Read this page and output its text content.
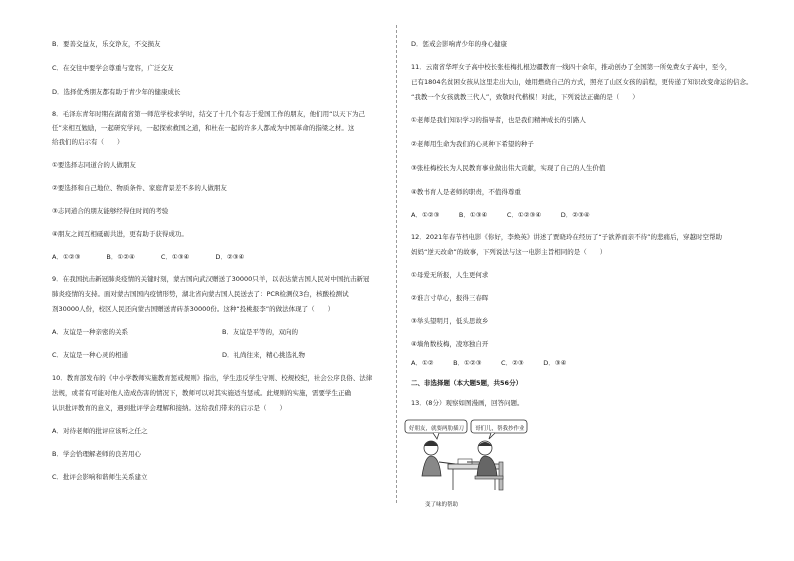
B．要善交益友，乐交诤友，不交损友
C．在交往中要学会尊重与宽容，广泛交友
D．选择优秀朋友都有助于青少年的健康成长
8．毛泽东青年时期在湖南省第一师范学校求学时，结交了十几个有志于爱国工作的朋友，他们用“以天下为己
任”来相互勉励，一起研究学问，一起探索救国之道，和杜在一起的许多人都成为中国革命的指梁之材。这
给我们的启示有（　　）
①要选择志同道合的人做朋友
②要选择和自己地位、物质条件、家庭背景差不多的人做朋友
③志同道合的朋友能够经得住时间的考验
④朋友之间互相砥砺共进，更有助于获得成功。
A．①②③　　　　B．①②④　　　　C．①③④　　　　D．②③④
9．在我国抗击新冠肺炎疫情的关键时刻，蒙古国向武汉赠送了30000只羊，以表达蒙古国人民对中国抗击新冠
肺炎疫情的支持。面对蒙古国国内疫情形势，湖北省向蒙古国人民送去了：PCR检测仪3台，核酸检测试
剂30000人份，校区人民还向蒙古国赠送青砖茶30000份。这种“投桃报李”的做法体现了（　　）
A．友谊是一种亲密的关系	B．友谊是平等的，双向的
C．友谊是一种心灵的相通	D．礼尚往来，精心挑选礼物
10．教育部发布的《中小学教师实施教育惩戒规则》指出，学生违反学生守则、校规校纪，社会公序良俗、法律
法规，或者有可能对他人造成伤害的情况下，教师可以对其实施适当惩戒。此规则的实施，需要学生正确
认识批评教育的意义，遇到批评学会理解和接纳。这给我们带来的启示是（　　）
A．对待老师的批评应该听之任之
B．学会恰理解老师的良苦用心
C．批评会影响和谐师生关系建立
D．惩戒会影响青少年的身心健康
11．云南省华坪女子高中校长张桂梅扎根边疆教育一线四十余年，推动创办了全国第一所免费女子高中，至今，
已有1804名贫困女孩从这里走出大山，她用燃烧自己的方式，照亮了山区女孩的前程，更传递了知识改变命运的信念。
“我教一个女孩就教三代人”，致敬时代楷模！对此，下列说法正确的是（　　）
①老师是我们知识学习的指导者，也是我们精神成长的引路人
②老师用生命为我们的心灵种下希望的种子
③张桂梅校长为人民教育事业做出伟大贡献，实现了自己的人生价值
④教书育人是老师的职责，不值得尊重
A．①②③　　　B．①③④　　　C．①②③④　　　D．②③④
12．2021年春节档电影《你好，李焕英》讲述了贾晓玲在经历了“子欲养而亲不待”的悲痛后，穿越时空帮助
妈妈“逆天改命”的故事，下列说法与这一电影主旨相同的是（　　）
①母爱无所报，人生更何求
②谁言寸草心，报得三春晖
③举头望明月，低头思故乡
④墙角数枝梅，凌寒独自开
A．①②　　　B．①②③　　　C．②③　　　D．③④
二、非选择题（本大题5题，共56分）
13．(8分）观察如图漫画，回答问题。
好朋友，就要两肋插刀 哥们儿，帮我抄作业
变了味的帮助
